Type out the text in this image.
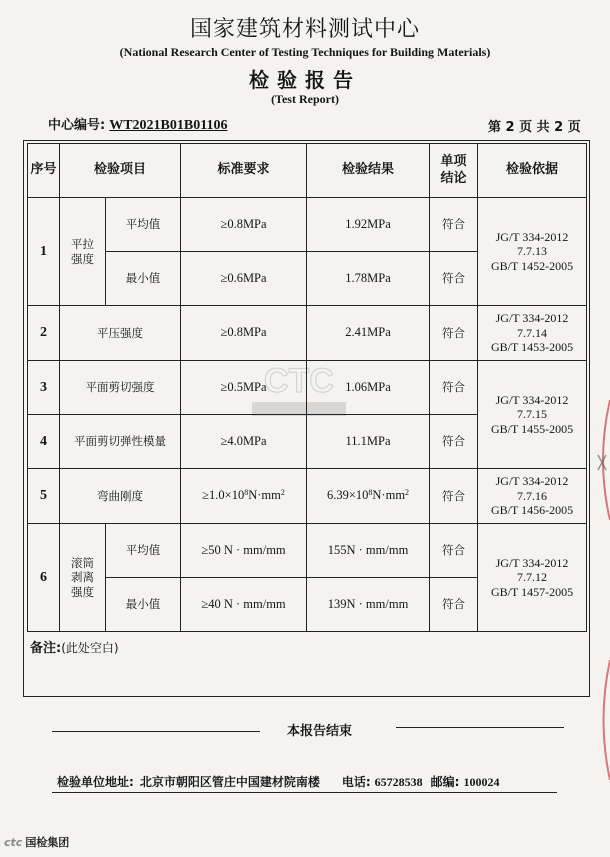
国家建筑材料测试中心
(National Research Center of Testing Techniques for Building Materials)
检验报告
(Test Report)
中心编号: WT2021B01B01106	第 2 页 共 2 页
CTC
序号	检验项目		标准要求	检验结果	单项结论	检验依据
1	平拉强度	平均值	≥0.8MPa	1.92MPa	符合	JG/T 334-2012
7.7.13
GB/T 1452-2005

		最小值	≥0.6MPa	1.78MPa	符合	
2	平压强度		≥0.8MPa	2.41MPa	符合	JG/T 334-2012
7.7.14
GB/T 1453-2005

3	平面剪切强度		≥0.5MPa	1.06MPa	符合	JG/T 334-2012
7.7.15
GB/T 1455-2005

4	平面剪切弹性模量		≥4.0MPa	11.1MPa	符合	
5	弯曲刚度		$\ge 1.0\times 10^8N\cdot mm^2$	$6.39\times 10^8N\cdot mm^2$	符合	JG/T 334-2012
7.7.16
GB/T 1456-2005

6	滚筒剥离强度	平均值	≥50 N · mm/mm	155N · mm/mm	符合	JG/T 334-2012
7.7.12
GB/T 1457-2005

		最小值	≥40 N · mm/mm	139N · mm/mm	符合	
备注:(此处空白)
本报告结束
检验单位地址: 北京市朝阳区管庄中国建材院南楼 电话: 65728538 邮编: 100024
ctc 国检集团
